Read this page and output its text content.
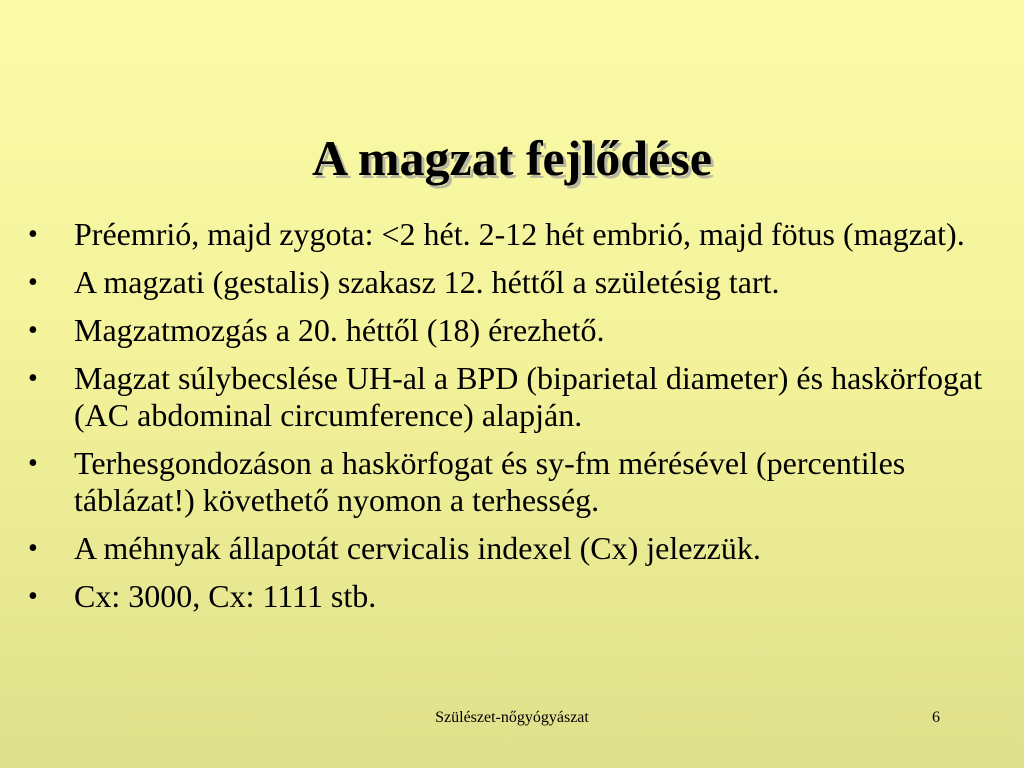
A magzat fejlődése
•	Préemrió, majd zygota: <2 hét. 2-12 hét embrió, majd fötus (magzat).
•	A magzati (gestalis) szakasz 12. héttől a születésig tart.
•	Magzatmozgás a 20. héttől (18) érezhető.
•	Magzat súlybecslése UH-al a BPD (biparietal diameter) és haskörfogat (AC abdominal circumference) alapján.
•	Terhesgondozáson a haskörfogat és sy-fm mérésével (percentiles táblázat!) követhető nyomon a terhesség.
•	A méhnyak állapotát cervicalis indexel (Cx) jelezzük.
•	Cx: 3000, Cx: 1111 stb.
Szülészet-nőgyógyászat	6
